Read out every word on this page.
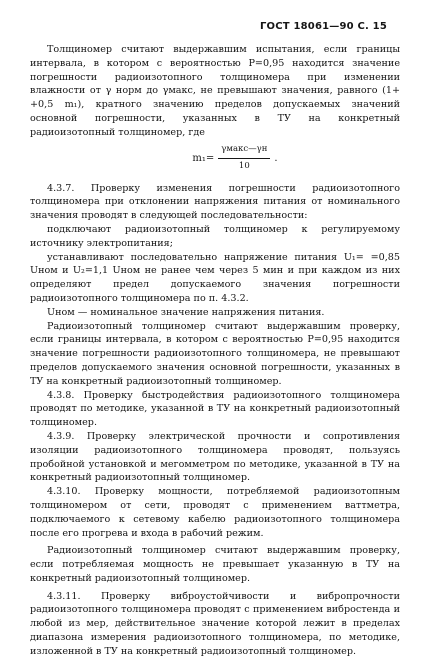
ГОСТ 18061—90 С. 15

Толщиномер считают выдержавшим испытания, если границы интервала, в котором с вероятностью P=0,95 находится значение погрешности радиоизотопного толщиномера при изменении влажности от γ норм до γмакс, не превышают значения, равного (1+ +0,5 m₁), кратного значению пределов допускаемых значений основной погрешности, указанных в ТУ на конкретный радиоизотопный толщиномер, где

$m_1= \frac{\text{γмакс—γн}}{10}$ .

4.3.7. Проверку изменения погрешности радиоизотопного толщиномера при отклонении напряжения питания от номинального значения проводят в следующей последовательности:

подключают радиоизотопный толщиномер к регулируемому источнику электропитания;

устанавливают последовательно напряжение питания U₁= =0,85 Uном и U₂=1,1 Uном не ранее чем через 5 мин и при каждом из них определяют предел допускаемого значения погрешности радиоизотопного толщиномера по п. 4.3.2.

Uном — номинальное значение напряжения питания.

Радиоизотопный толщиномер считают выдержавшим проверку, если границы интервала, в котором с вероятностью P=0,95 находится значение погрешности радиоизотопного толщиномера, не превышают пределов допускаемого значения основной погрешности, указанных в ТУ на конкретный радиоизотопный толщиномер.

4.3.8. Проверку быстродействия радиоизотопного толщиномера проводят по методике, указанной в ТУ на конкретный радиоизотопный толщиномер.

4.3.9. Проверку электрической прочности и сопротивления изоляции радиоизотопного толщиномера проводят, пользуясь пробойной установкой и мегомметром по методике, указанной в ТУ на конкретный радиоизотопный толщиномер.

4.3.10. Проверку мощности, потребляемой радиоизотопным толщиномером от сети, проводят с применением ваттметра, подключаемого к сетевому кабелю радиоизотопного толщиномера после его прогрева и входа в рабочий режим.

Радиоизотопный толщиномер считают выдержавшим проверку, если потребляемая мощность не превышает указанную в ТУ на конкретный радиоизотопный толщиномер.

4.3.11. Проверку виброустойчивости и вибропрочности радиоизотопного толщиномера проводят с применением вибростенда и любой из мер, действительное значение которой лежит в пределах диапазона измерения радиоизотопного толщиномера, по методике, изложенной в ТУ на конкретный радиоизотопный толщиномер.
